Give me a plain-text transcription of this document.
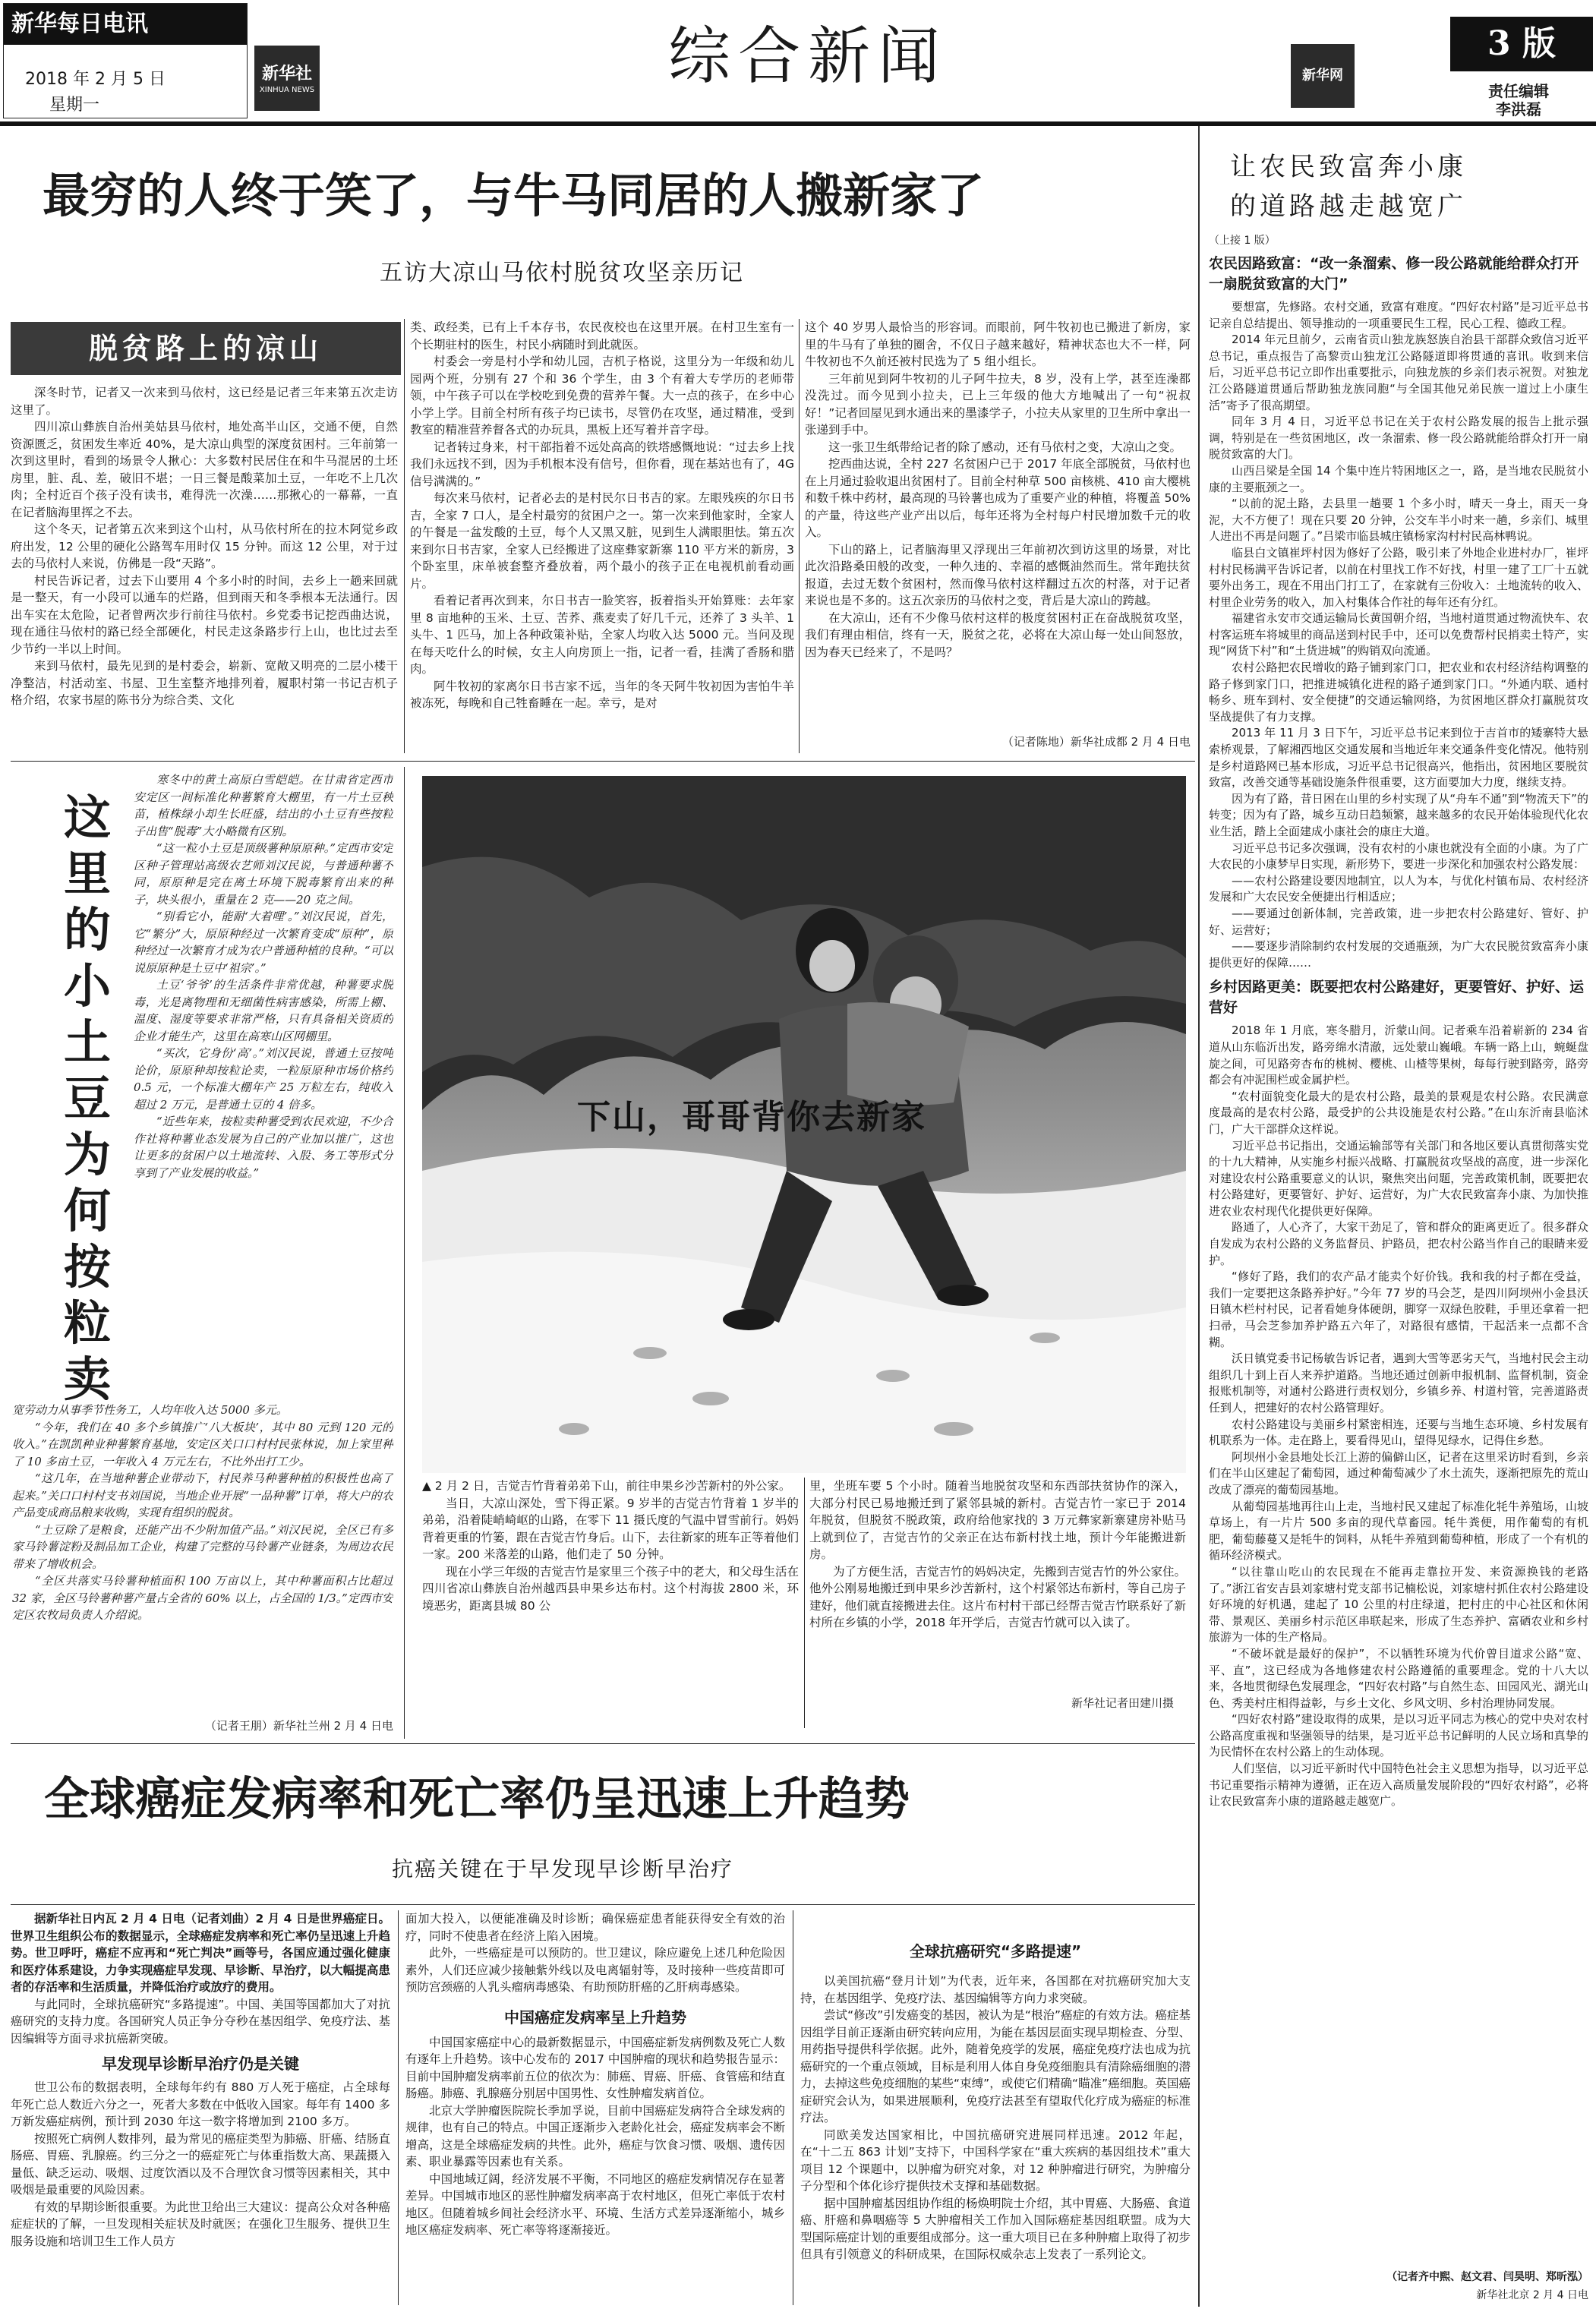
新华每日电讯
2018 年 2 月 5 日
星期一
新华社
XINHUA NEWS	综合新闻	新华网
3 版
责任编辑
李洪磊
最穷的人终于笑了，与牛马同居的人搬新家了
五访大凉山马依村脱贫攻坚亲历记
脱贫路上的凉山

深冬时节，记者又一次来到马依村，这已经是记者三年来第五次走访这里了。

四川凉山彝族自治州美姑县马依村，地处高半山区，交通不便，自然资源匮乏，贫困发生率近 40%，是大凉山典型的深度贫困村。三年前第一次到这里时，看到的场景令人揪心：大多数村民居住在和牛马混居的土坯房里，脏、乱、差，破旧不堪；一日三餐是酸菜加土豆，一年吃不上几次肉；全村近百个孩子没有读书，难得洗一次澡……那揪心的一幕幕，一直在记者脑海里挥之不去。

这个冬天，记者第五次来到这个山村，从马依村所在的拉木阿觉乡政府出发，12 公里的硬化公路驾车用时仅 15 分钟。而这 12 公里，对于过去的马依村人来说，仿佛是一段“天路”。

村民告诉记者，过去下山要用 4 个多小时的时间，去乡上一趟来回就是一整天，有一小段可以通车的烂路，但到雨天和冬季根本无法通行。因出车实在太危险，记者曾两次步行前往马依村。乡党委书记挖西曲达说，现在通往马依村的路已经全部硬化，村民走这条路步行上山，也比过去至少节约一半以上时间。

来到马依村，最先见到的是村委会，崭新、宽敞又明亮的二层小楼干净整洁，村活动室、书屋、卫生室整齐地排列着，履职村第一书记吉机子格介绍，农家书屋的陈书分为综合类、文化

类、政经类，已有上千本存书，农民夜校也在这里开展。在村卫生室有一个长期驻村的医生，村民小病随时到此就医。

村委会一旁是村小学和幼儿园，吉机子格说，这里分为一年级和幼儿园两个班，分别有 27 个和 36 个学生，由 3 个有着大专学历的老师带领，中午孩子可以在学校吃到免费的营养午餐。大一点的孩子，在乡中心小学上学。目前全村所有孩子均已读书，尽管仍在攻坚，通过精准，受到教室的精准营养督各式的办玩具，黑板上还写着并音字母。

记者转过身来，村干部指着不远处高高的铁塔感慨地说：“过去乡上找我们永远找不到，因为手机根本没有信号，但你看，现在基站也有了，4G 信号满满的。”

每次来马依村，记者必去的是村民尔日书吉的家。左眼残疾的尔日书吉，全家 7 口人，是全村最穷的贫困户之一。第一次来到他家时，全家人的午餐是一盆发酸的土豆，每个人又黑又脏，见到生人满眼胆怯。第五次来到尔日书吉家，全家人已经搬进了这座彝家新寨 110 平方米的新房，3 个卧室里，床单被套整齐叠放着，两个最小的孩子正在电视机前看动画片。

看着记者再次到来，尔日书吉一脸笑容，扳着指头开始算账：去年家里 8 亩地种的玉米、土豆、苦荞、燕麦卖了好几千元，还养了 3 头羊、1 头牛、1 匹马，加上各种政策补贴，全家人均收入达 5000 元。当问及现在每天吃什么的时候，女主人向房顶上一指，记者一看，挂满了香肠和腊肉。

阿牛牧初的家离尔日书吉家不远，当年的冬天阿牛牧初因为害怕牛羊被冻死，每晚和自己牲畜睡在一起。幸亏，是对

这个 40 岁男人最恰当的形容词。而眼前，阿牛牧初也已搬进了新房，家里的牛马有了单独的圈舍，不仅日子越来越好，精神状态也大不一样，阿牛牧初也不久前还被村民选为了 5 组小组长。

三年前见到阿牛牧初的儿子阿牛拉夫，8 岁，没有上学，甚至连澡都没洗过。而今见到小拉夫，已上三年级的他大方地喊出了一句“祝叔好！”记者回屋见到水通出来的墨漆学子，小拉夫从家里的卫生所中拿出一张递到手中。

这一张卫生纸带给记者的除了感动，还有马依村之变，大凉山之变。

挖西曲达说，全村 227 名贫困户已于 2017 年底全部脱贫，马依村也在上月通过验收退出贫困村了。目前全村种草 500 亩核桃、410 亩大樱桃和数千株中药材，最高现的马铃薯也成为了重要产业的种植，将覆盖 50% 的产量，待这些产业产出以后，每年还将为全村每户村民增加数千元的收入。

下山的路上，记者脑海里又浮现出三年前初次到访这里的场景，对比此次沿路桑田般的改变，一种久违的、幸福的感慨油然而生。常年跑扶贫报道，去过无数个贫困村，然而像马依村这样翻过五次的村落，对于记者来说也是不多的。这五次亲历的马依村之变，背后是大凉山的跨越。

在大凉山，还有不少像马依村这样的极度贫困村正在奋战脱贫攻坚，我们有理由相信，终有一天，脱贫之花，必将在大凉山每一处山间怒放，因为春天已经来了，不是吗？

（记者陈地）新华社成都 2 月 4 日电
这
里
的
小
土
豆
为
何
按
粒
卖

寒冬中的黄土高原白雪皑皑。在甘肃省定西市安定区一间标准化种薯繁育大棚里，有一片土豆秧苗，植株绿小却生长旺盛，结出的小土豆有些按粒子出售“脱毒”大小略微有区别。

“这一粒小土豆是顶级薯种原原种。”定西市安定区种子管理站高级农艺师刘汉民说，与普通种薯不同，原原种是完在离土环境下脱毒繁育出来的种子，块头很小，重量在 2 克——20 克之间。

“别看它小，能耐‘大着哩’。”刘汉民说，首先，它“繁分”大，原原种经过一次繁育变成“原种”，原种经过一次繁育才成为农户普通种植的良种。“可以说原原种是土豆中‘祖宗’。”

土豆‘爷爷’的生活条件非常优越，种薯要求脱毒，光是离物理和无细菌性病害感染，所需上棚、温度、湿度等要求非常严格，只有具备相关资质的企业才能生产，这里在高寒山区网棚里。

“买次，它身份‘高’。”刘汉民说，普通土豆按吨论价，原原种却按粒论卖，一粒原原种市场价格约 0.5 元，一个标准大棚年产 25 万粒左右，纯收入超过 2 万元，是普通土豆的 4 倍多。

“近些年来，按粒卖种薯受到农民欢迎，不少合作社将种薯业态发展为自己的产业加以推广，这也让更多的贫困户以土地流转、入股、务工等形式分享到了产业发展的收益。”

宽劳动力从事季节性务工，人均年收入达 5000 多元。

“今年，我们在 40 多个乡镇推广‘八大板块’，其中 80 元到 120 元的收入。”在凯凯种业种薯繁育基地，安定区关口口村村民张林说，加上家里种了 10 多亩土豆，一年收入 4 万元左右，不比外出打工少。

“这几年，在当地种薯企业带动下，村民养马种薯种植的积极性也高了起来。”关口口村村支书刘国说，当地企业开展“一品种薯”订单，将大户的农产品变成商品粮来收购，实现有组织的脱贫。

“土豆除了是粮食，还能产出不少附加值产品。”刘汉民说，全区已有多家马铃薯淀粉及制品加工企业，构建了完整的马铃薯产业链条，为周边农民带来了增收机会。

“全区共落实马铃薯种植面积 100 万亩以上，其中种薯面积占比超过 32 家，全区马铃薯种薯产量占全省的 60% 以上，占全国的 1/3。”定西市安定区农牧局负责人介绍说。

（记者王朋）新华社兰州 2 月 4 日电
下山，哥哥背你去新家

▲ 2 月 2 日，吉觉吉竹背着弟弟下山，前往申果乡沙苦新村的外公家。

当日，大凉山深处，雪下得正紧。9 岁半的吉觉吉竹背着 1 岁半的弟弟，沿着陡峭崎岖的山路，在零下 11 摄氏度的气温中冒雪前行。妈妈背着更重的竹篓，跟在吉觉吉竹身后。山下，去往新家的班车正等着他们一家。200 米落差的山路，他们走了 50 分钟。

现在小学三年级的吉觉吉竹是家里三个孩子中的老大，和父母生活在四川省凉山彝族自治州越西县申果乡达布村。这个村海拔 2800 米，环境恶劣，距离县城 80 公

里，坐班车要 5 个小时。随着当地脱贫攻坚和东西部扶贫协作的深入，大部分村民已易地搬迁到了紧邻县城的新村。吉觉吉竹一家已于 2014 年脱贫，但脱贫不脱政策，政府给他家找的 3 万元彝家新寨建房补贴马上就到位了，吉觉吉竹的父亲正在达布新村找土地，预计今年能搬进新房。

为了方便生活，吉觉吉竹的妈妈决定，先搬到吉觉吉竹的外公家住。他外公刚易地搬迁到申果乡沙苦新村，这个村紧邻达布新村，等自己房子建好，他们就直接搬进去住。这片布村村干部已经帮吉觉吉竹联系好了新村所在乡镇的小学，2018 年开学后，吉觉吉竹就可以入读了。

新华社记者田建川摄
全球癌症发病率和死亡率仍呈迅速上升趋势
抗癌关键在于早发现早诊断早治疗

据新华社日内瓦 2 月 4 日电（记者刘曲）2 月 4 日是世界癌症日。世界卫生组织公布的数据显示，全球癌症发病率和死亡率仍呈迅速上升趋势。世卫呼吁，癌症不应再和“死亡判决”画等号，各国应通过强化健康和医疗体系建设，力争实现癌症早发现、早诊断、早治疗，以大幅提高患者的存活率和生活质量，并降低治疗或放疗的费用。

与此同时，全球抗癌研究“多路提速”。中国、美国等国都加大了对抗癌研究的支持力度。各国研究人员正争分夺秒在基因组学、免疫疗法、基因编辑等方面寻求抗癌新突破。

早发现早诊断早治疗仍是关键

世卫公布的数据表明，全球每年约有 880 万人死于癌症，占全球每年死亡总人数近六分之一，死者大多数在中低收入国家。每年有 1400 多万新发癌症病例，预计到 2030 年这一数字将增加到 2100 多万。

按照死亡病例人数排列，最为常见的癌症类型为肺癌、肝癌、结肠直肠癌、胃癌、乳腺癌。约三分之一的癌症死亡与体重指数大高、果蔬摄入量低、缺乏运动、吸烟、过度饮酒以及不合理饮食习惯等因素相关，其中吸烟是最重要的风险因素。

有效的早期诊断很重要。为此世卫给出三大建议：提高公众对各种癌症症状的了解，一旦发现相关症状及时就医；在强化卫生服务、提供卫生服务设施和培训卫生工作人员方

面加大投入，以便能准确及时诊断；确保癌症患者能获得安全有效的治疗，同时不使患者在经济上陷入困境。

此外，一些癌症是可以预防的。世卫建议，除应避免上述几种危险因素外，人们还应减少接触紫外线以及电离辐射等，及时接种一些疫苗即可预防宫颈癌的人乳头瘤病毒感染、有助预防肝癌的乙肝病毒感染。

中国癌症发病率呈上升趋势

中国国家癌症中心的最新数据显示，中国癌症新发病例数及死亡人数有逐年上升趋势。该中心发布的 2017 中国肿瘤的现状和趋势报告显示：目前中国肿瘤发病率前五位的依次为：肺癌、胃癌、肝癌、食管癌和结直肠癌。肺癌、乳腺癌分别居中国男性、女性肿瘤发病首位。

北京大学肿瘤医院院长季加孚说，目前中国癌症发病符合全球发病的规律，也有自己的特点。中国正逐渐步入老龄化社会，癌症发病率会不断增高，这是全球癌症发病的共性。此外，癌症与饮食习惯、吸烟、遗传因素、职业暴露等因素也有关系。

中国地域辽阔，经济发展不平衡，不同地区的癌症发病情况存在显著差异。中国城市地区的恶性肿瘤发病率高于农村地区，但死亡率低于农村地区。但随着城乡间社会经济水平、环境、生活方式差异逐渐缩小，城乡地区癌症发病率、死亡率等将逐渐接近。

全球抗癌研究“多路提速”

以美国抗癌“登月计划”为代表，近年来，各国都在对抗癌研究加大支持，在基因组学、免疫疗法、基因编辑等方向力求突破。

尝试“修改”引发癌变的基因，被认为是“根治”癌症的有效方法。癌症基因组学目前正逐渐由研究转向应用，为能在基因层面实现早期检查、分型、用药指导提供科学依据。此外，随着免疫学的发展，癌症免疫疗法也成为抗癌研究的一个重点领域，目标是利用人体自身免疫细胞具有清除癌细胞的潜力，去掉这些免疫细胞的某些“束缚”，或使它们精确“瞄准”癌细胞。英国癌症研究会认为，如果进展顺利，免疫疗法甚至有望取代化疗成为癌症的标准疗法。

同欧美发达国家相比，中国抗癌研究进展同样迅速。2012 年起，在“十二五 863 计划”支持下，中国科学家在“重大疾病的基因组技术”重大项目 12 个课题中，以肿瘤为研究对象，对 12 种肿瘤进行研究，为肿瘤分子分型和个体化诊疗提供技术支撑和基础数据。

据中国肿瘤基因组协作组的杨焕明院士介绍，其中胃癌、大肠癌、食道癌、肝癌和鼻咽癌等 5 大肿瘤相关工作加入国际癌症基因组联盟。成为大型国际癌症计划的重要组成部分。这一重大项目已在多种肿瘤上取得了初步但具有引领意义的科研成果，在国际权威杂志上发表了一系列论文。

让农民致富奔小康
的道路越走越宽广
（上接 1 版）
农民因路致富：“改一条溜索、修一段公路就能给群众打开一扇脱贫致富的大门”

要想富，先修路。农村交通，致富有难度。“四好农村路”是习近平总书记亲自总结提出、领导推动的一项重要民生工程，民心工程、德政工程。

2014 年元旦前夕，云南省贡山独龙族怒族自治县干部群众致信习近平总书记，重点报告了高黎贡山独龙江公路隧道即将贯通的喜讯。收到来信后，习近平总书记立即作出重要批示，向独龙族的乡亲们表示祝贺。对独龙江公路隧道贯通后帮助独龙族同胞“与全国其他兄弟民族一道过上小康生活”寄予了很高期望。

同年 3 月 4 日，习近平总书记在关于农村公路发展的报告上批示强调，特别是在一些贫困地区，改一条溜索、修一段公路就能给群众打开一扇脱贫致富的大门。

山西吕梁是全国 14 个集中连片特困地区之一，路，是当地农民脱贫小康的主要瓶颈之一。

“以前的泥土路，去县里一趟要 1 个多小时，晴天一身土，雨天一身泥，大不方便了！现在只要 20 分钟，公交车半小时来一趟，乡亲们、城里人进出不再是问题了。”吕梁市临县城庄镇杨家沟村村民高林鸭说。

临县白文镇崔坪村因为修好了公路，吸引来了外地企业进村办厂，崔坪村村民杨满平告诉记者，以前在村里找工作不好找，村里一建了工厂十五就要外出务工，现在不用出门打工了，在家就有三份收入：土地流转的收入、村里企业劳务的收入，加入村集体合作社的每年还有分红。

福建省永安市交通运输局长黄国朝介绍，当地村道贯通过物流快车、农村客运班车将城里的商品送到村民手中，还可以免费帮村民捎卖土特产，实现“网货下村”和“土货进城”的购销双向流通。

农村公路把农民增收的路子铺到家门口，把农业和农村经济结构调整的路子修到家门口，把推进城镇化进程的路子通到家门口。“外通内联、通村畅乡、班车到村、安全便捷”的交通运输网络，为贫困地区群众打赢脱贫攻坚战提供了有力支撑。

2013 年 11 月 3 日下午，习近平总书记来到位于吉首市的矮寨特大悬索桥观景，了解湘西地区交通发展和当地近年来交通条件变化情况。他特别是乡村道路网已基本形成，习近平总书记很高兴，他指出，贫困地区要脱贫致富，改善交通等基础设施条件很重要，这方面要加大力度，继续支持。

因为有了路，昔日困在山里的乡村实现了从“舟车不通”到“物流天下”的转变；因为有了路，城乡互动日趋频繁，越来越多的农民开始体验现代化农业生活，踏上全面建成小康社会的康庄大道。

习近平总书记多次强调，没有农村的小康也就没有全面的小康。为了广大农民的小康梦早日实现，新形势下，要进一步深化和加强农村公路发展：

——农村公路建设要因地制宜，以人为本，与优化村镇布局、农村经济发展和广大农民安全便捷出行相适应；

——要通过创新体制，完善政策，进一步把农村公路建好、管好、护好、运营好；

——要逐步消除制约农村发展的交通瓶颈，为广大农民脱贫致富奔小康提供更好的保障……

乡村因路更美：既要把农村公路建好，更要管好、护好、运营好

2018 年 1 月底，寒冬腊月，沂蒙山间。记者乘车沿着崭新的 234 省道从山东临沂出发，路旁绵水清澈，远处蒙山巍峨。车辆一路上山，蜿蜒盘旋之间，可见路旁杏布的桃树、樱桃、山楂等果树，每每行驶到路旁，路旁都会有冲泥围栏或金属护栏。

“农村面貌变化最大的是农村公路，最美的景观是农村公路。农民满意度最高的是农村公路，最受护的公共设施是农村公路。”在山东沂南县临沭门，广大干部群众这样说。

习近平总书记指出，交通运输部等有关部门和各地区要认真贯彻落实党的十九大精神，从实施乡村振兴战略、打赢脱贫攻坚战的高度，进一步深化对建设农村公路重要意义的认识，聚焦突出问题，完善政策机制，既要把农村公路建好，更要管好、护好、运营好，为广大农民致富奔小康、为加快推进农业农村现代化提供更好保障。

路通了，人心齐了，大家干劲足了，管和群众的距离更近了。很多群众自发成为农村公路的义务监督员、护路员，把农村公路当作自己的眼睛来爱护。

“修好了路，我们的农产品才能卖个好价钱。我和我的村子都在受益，我们一定要把这条路养护好。”今年 77 岁的马会芝，是四川阿坝州小金县沃日镇木栏村村民，记者看她身体硬朗，脚穿一双绿色胶鞋，手里还拿着一把扫帚，马会芝参加养护路五六年了，对路很有感情，干起活来一点都不含糊。

沃日镇党委书记杨敏告诉记者，遇到大雪等恶劣天气，当地村民会主动组织几十到上百人来养护道路。当地还通过创新申报机制、监督机制，资金报账机制等，对通村公路进行责权划分，乡镇乡养、村道村管，完善道路责任到人，把建好的农村公路管理好。

农村公路建设与美丽乡村紧密相连，还要与当地生态环境、乡村发展有机联系为一体。走在路上，要看得见山，望得见绿水，记得住乡愁。

阿坝州小金县地处长江上游的偏僻山区，记者在这里采访时看到，乡亲们在半山区建起了葡萄园，通过种葡萄减少了水土流失，逐渐把原先的荒山改成了漂亮的葡萄园基地。

从葡萄园基地再往山上走，当地村民又建起了标准化牦牛养殖场，山坡草场上，有一片片 500 多亩的现代草畜园。牦牛粪便，用作葡萄的有机肥，葡萄藤蔓又是牦牛的饲料，从牦牛养殖到葡萄种植，形成了一个有机的循环经济模式。

“以往靠山吃山的农民现在不能再走靠拉开发、来资源换钱的老路了。”浙江省安吉县刘家塘村党支部书记楠松说，刘家塘村抓住农村公路建设好环境的好机遇，建起了 10 公里的村庄绿道，把村庄的中心社区和休闲带、景观区、美丽乡村示范区串联起来，形成了生态养护、富硒农业和乡村旅游为一体的生产格局。

“不破坏就是最好的保护”，不以牺牲环境为代价曾目道求公路“宽、平、直”，这已经成为各地修建农村公路遵循的重要理念。党的十八大以来，各地贯彻绿色发展理念，“四好农村路”与自然生态、田园风光、湖光山色、秀美村庄相得益彰，与乡土文化、乡风文明、乡村治理协同发展。

“四好农村路”建设取得的成果，是以习近平同志为核心的党中央对农村公路高度重视和坚强领导的结果，是习近平总书记鲜明的人民立场和真挚的为民情怀在农村公路上的生动体现。

人们坚信，以习近平新时代中国特色社会主义思想为指导，以习近平总书记重要指示精神为遵循，正在迈入高质量发展阶段的“四好农村路”，必将让农民致富奔小康的道路越走越宽广。

（记者齐中熙、赵文君、闫昊明、郑昕泓）
新华社北京 2 月 4 日电
